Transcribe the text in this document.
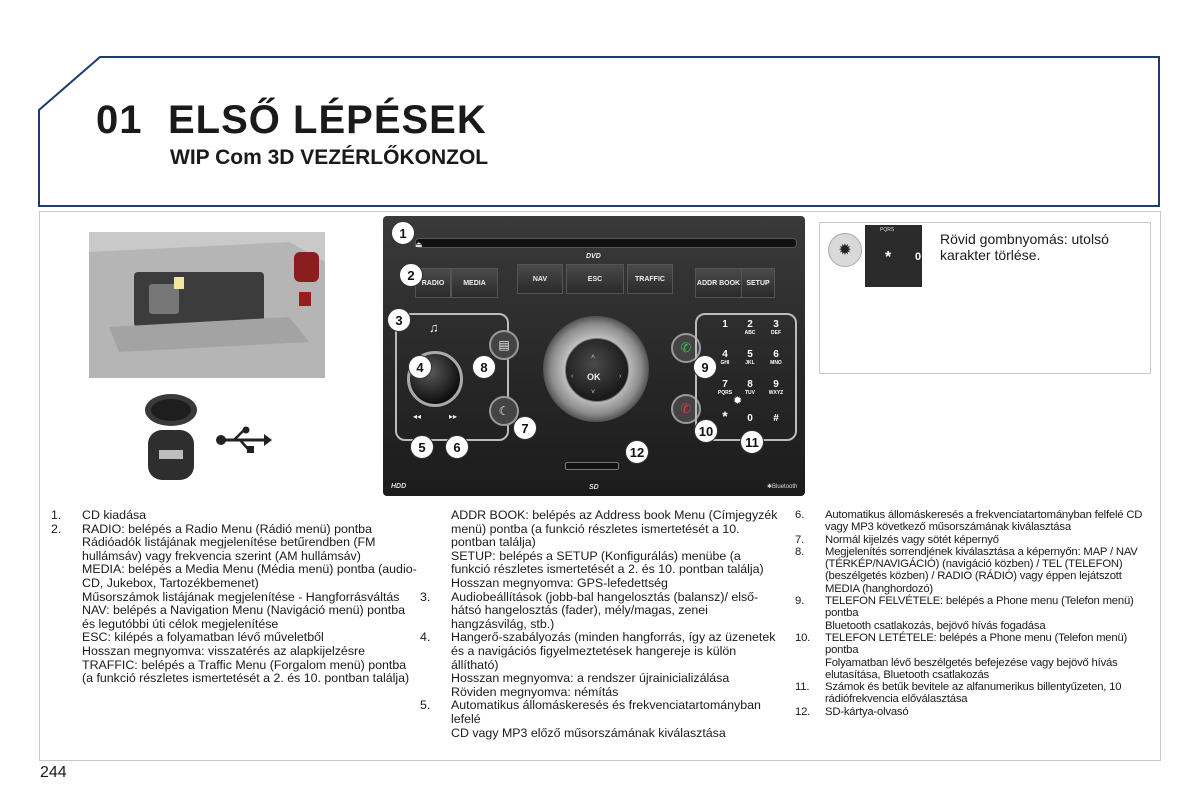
01 ELSŐ LÉPÉSEK
WIP Com 3D VEZÉRLŐKONZOL
⏏
DVD
RADIO	MEDIA
NAV	ESC	TRAFFIC
ADDR BOOK SETUP
♫
◂◂	▸▸
▤
☾
OK
˄
˅
‹	›
✆
✆
1	2
ABC
3
DEF
4
GHI
5
JKL
6
MNO
7
PQRS
8
TUV
9
WXYZ
*	0	#
✹
SD
HDD	✱Bluetooth
1
2
3
4
5	6
7
8	9
10
11
12
✹
PQRS
* 0
Rövid gombnyomás: utolsó karakter törlése.
1. CD kiadása
2. RADIO: belépés a Radio Menu (Rádió menü) pontba
Rádióadók listájának megjelenítése betűrendben (FM hullámsáv) vagy frekvencia szerint (AM hullámsáv)
MEDIA: belépés a Media Menu (Média menü) pontba (audio-CD, Jukebox, Tartozékbemenet)
Műsorszámok listájának megjelenítése - Hangforrásváltás
NAV: belépés a Navigation Menu (Navigáció menü) pontba és legutóbbi úti célok megjelenítése
ESC: kilépés a folyamatban lévő műveletből
Hosszan megnyomva: visszatérés az alapkijelzésre
TRAFFIC: belépés a Traffic Menu (Forgalom menü) pontba (a funkció részletes ismertetését a 2. és 10. pontban találja)
ADDR BOOK: belépés az Address book Menu (Címjegyzék menü) pontba (a funkció részletes ismertetését a 10. pontban találja)
SETUP: belépés a SETUP (Konfigurálás) menübe (a funkció részletes ismertetését a 2. és 10. pontban találja)
Hosszan megnyomva: GPS-lefedettség
3. Audiobeállítások (jobb-bal hangelosztás (balansz)/ első-hátsó hangelosztás (fader), mély/magas, zenei hangzásvilág, stb.)
4. Hangerő-szabályozás (minden hangforrás, így az üzenetek és a navigációs figyelmeztetések hangereje is külön állítható)
Hosszan megnyomva: a rendszer újrainicializálása
Röviden megnyomva: némítás
5. Automatikus állomáskeresés és frekvenciatartományban lefelé
CD vagy MP3 előző műsorszámának kiválasztása
6. Automatikus állomáskeresés a frekvenciatartományban felfelé CD vagy MP3 következő műsorszámának kiválasztása
7. Normál kijelzés vagy sötét képernyő
8. Megjelenítés sorrendjének kiválasztása a képernyőn: MAP / NAV (TÉRKÉP/NAVIGÁCIÓ) (navigáció közben) / TEL (TELEFON) (beszélgetés közben) / RADIO (RÁDIÓ) vagy éppen lejátszott MEDIA (hanghordozó)
9. TELEFON FELVÉTELE: belépés a Phone menu (Telefon menü) pontba
Bluetooth csatlakozás, bejövő hívás fogadása
10. TELEFON LETÉTELE: belépés a Phone menu (Telefon menü) pontba
Folyamatban lévő beszélgetés befejezése vagy bejövő hívás elutasítása, Bluetooth csatlakozás
11. Számok és betűk bevitele az alfanumerikus billentyűzeten, 10 rádiófrekvencia előválasztása
12. SD-kártya-olvasó
244
